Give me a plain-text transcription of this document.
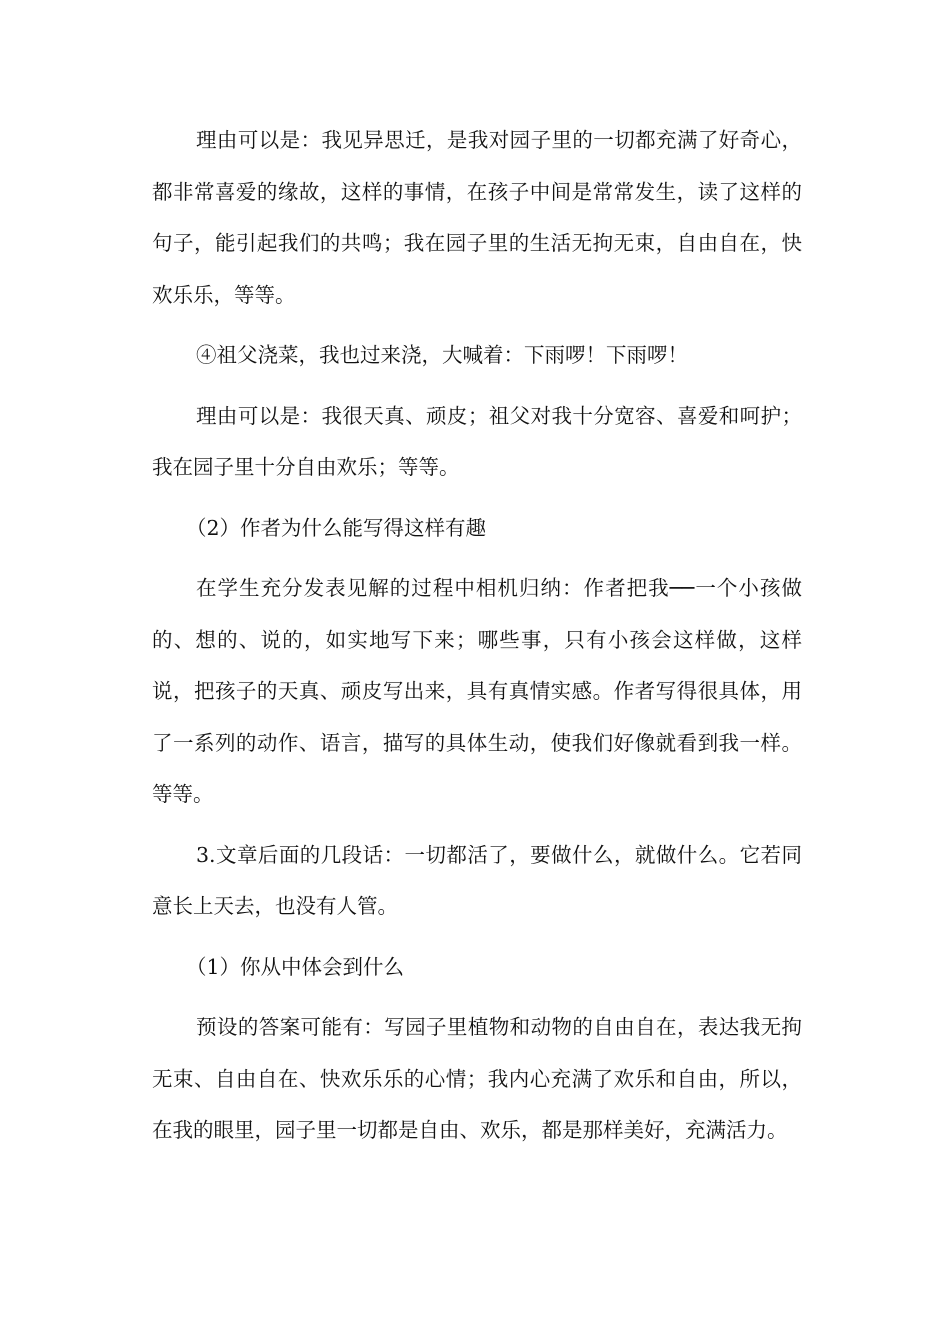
理由可以是：我见异思迁，是我对园子里的一切都充满了好奇心，都非常喜爱的缘故，这样的事情，在孩子中间是常常发生，读了这样的句子，能引起我们的共鸣；我在园子里的生活无拘无束，自由自在，快欢乐乐，等等。

④祖父浇菜，我也过来浇，大喊着：下雨啰！下雨啰！

理由可以是：我很天真、顽皮；祖父对我十分宽容、喜爱和呵护；我在园子里十分自由欢乐；等等。

（2）作者为什么能写得这样有趣

在学生充分发表见解的过程中相机归纳：作者把我──一个小孩做的、想的、说的，如实地写下来；哪些事，只有小孩会这样做，这样说，把孩子的天真、顽皮写出来，具有真情实感。作者写得很具体，用了一系列的动作、语言，描写的具体生动，使我们好像就看到我一样。等等。

3.文章后面的几段话：一切都活了，要做什么，就做什么。它若同意长上天去，也没有人管。

（1）你从中体会到什么

预设的答案可能有：写园子里植物和动物的自由自在，表达我无拘无束、自由自在、快欢乐乐的心情；我内心充满了欢乐和自由，所以，在我的眼里，园子里一切都是自由、欢乐，都是那样美好，充满活力。
